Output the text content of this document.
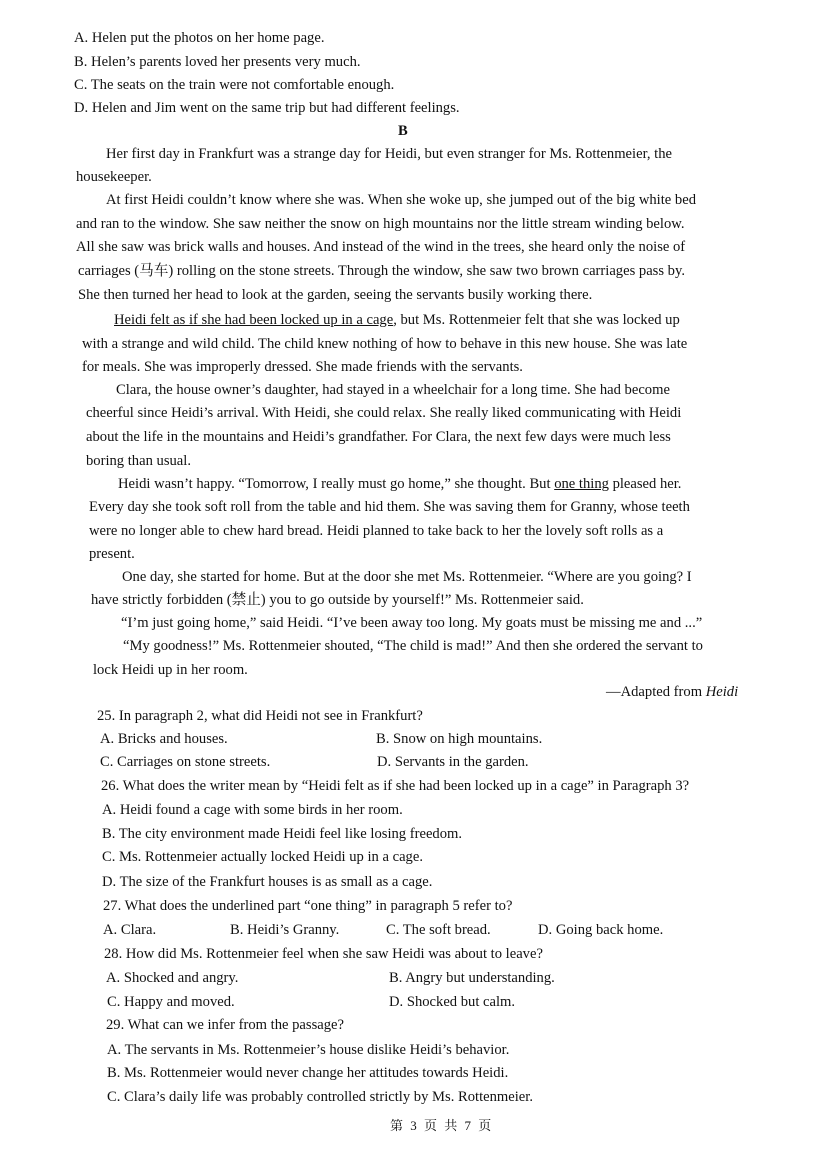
A. Helen put the photos on her home page.
B. Helen’s parents loved her presents very much.
C. The seats on the train were not comfortable enough.
D. Helen and Jim went on the same trip but had different feelings.
B
Her first day in Frankfurt was a strange day for Heidi, but even stranger for Ms. Rottenmeier, the
housekeeper.
At first Heidi couldn’t know where she was. When she woke up, she jumped out of the big white bed
and ran to the window. She saw neither the snow on high mountains nor the little stream winding below.
All she saw was brick walls and houses. And instead of the wind in the trees, she heard only the noise of
carriages (马车) rolling on the stone streets. Through the window, she saw two brown carriages pass by.
She then turned her head to look at the garden, seeing the servants busily working there.
Heidi felt as if she had been locked up in a cage, but Ms. Rottenmeier felt that she was locked up
with a strange and wild child. The child knew nothing of how to behave in this new house. She was late
for meals. She was improperly dressed. She made friends with the servants.
Clara, the house owner’s daughter, had stayed in a wheelchair for a long time. She had become
cheerful since Heidi’s arrival. With Heidi, she could relax. She really liked communicating with Heidi
about the life in the mountains and Heidi’s grandfather. For Clara, the next few days were much less
boring than usual.
Heidi wasn’t happy. “Tomorrow, I really must go home,” she thought. But one thing pleased her.
Every day she took soft roll from the table and hid them. She was saving them for Granny, whose teeth
were no longer able to chew hard bread. Heidi planned to take back to her the lovely soft rolls as a
present.
One day, she started for home. But at the door she met Ms. Rottenmeier. “Where are you going? I
have strictly forbidden (禁止) you to go outside by yourself!” Ms. Rottenmeier said.
“I’m just going home,” said Heidi. “I’ve been away too long. My goats must be missing me and ...”
“My goodness!” Ms. Rottenmeier shouted, “The child is mad!” And then she ordered the servant to
lock Heidi up in her room.
—Adapted from Heidi
25. In paragraph 2, what did Heidi not see in Frankfurt?
A. Bricks and houses.	B. Snow on high mountains.
C. Carriages on stone streets.	D. Servants in the garden.
26. What does the writer mean by “Heidi felt as if she had been locked up in a cage” in Paragraph 3?
A. Heidi found a cage with some birds in her room.
B. The city environment made Heidi feel like losing freedom.
C. Ms. Rottenmeier actually locked Heidi up in a cage.
D. The size of the Frankfurt houses is as small as a cage.
27. What does the underlined part “one thing” in paragraph 5 refer to?
A. Clara.	B. Heidi’s Granny.	C. The soft bread.	D. Going back home.
28. How did Ms. Rottenmeier feel when she saw Heidi was about to leave?
A. Shocked and angry.	B. Angry but understanding.
C. Happy and moved.	D. Shocked but calm.
29. What can we infer from the passage?
A. The servants in Ms. Rottenmeier’s house dislike Heidi’s behavior.
B. Ms. Rottenmeier would never change her attitudes towards Heidi.
C. Clara’s daily life was probably controlled strictly by Ms. Rottenmeier.
第 3 页 共 7 页
